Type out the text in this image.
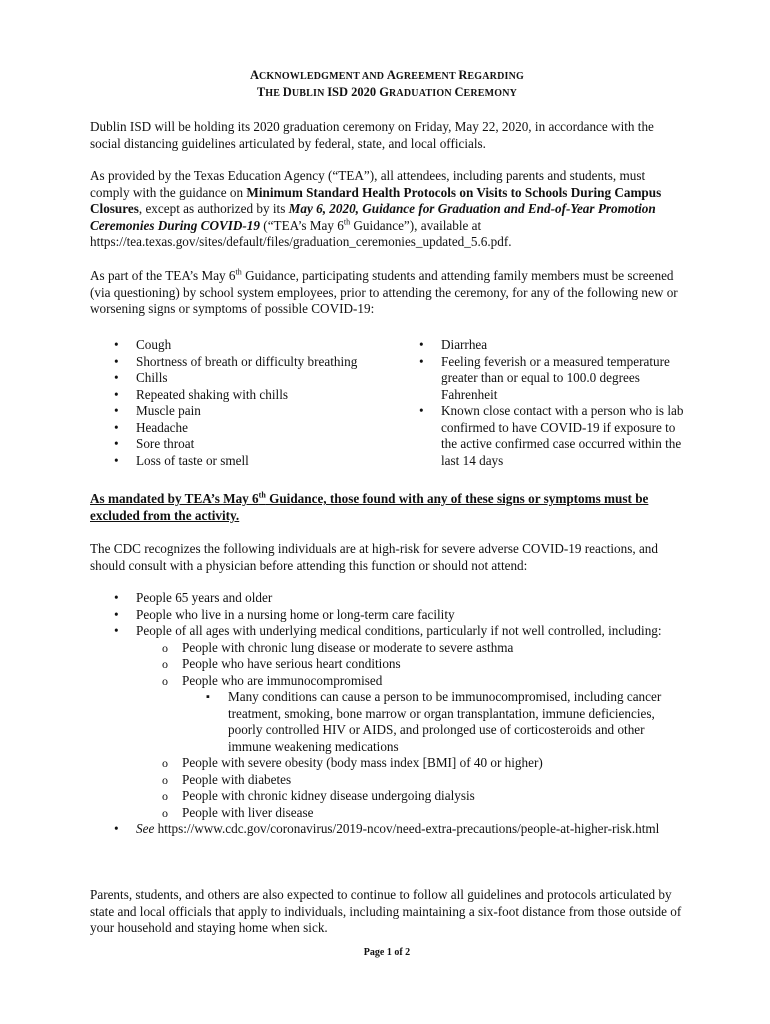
ACKNOWLEDGMENT AND AGREEMENT REGARDING
THE DUBLIN ISD 2020 GRADUATION CEREMONY

Dublin ISD will be holding its 2020 graduation ceremony on Friday, May 22, 2020, in accordance with the social distancing guidelines articulated by federal, state, and local officials.

As provided by the Texas Education Agency (“TEA”), all attendees, including parents and students, must comply with the guidance on Minimum Standard Health Protocols on Visits to Schools During Campus Closures, except as authorized by its May 6, 2020, Guidance for Graduation and End-of-Year Promotion Ceremonies During COVID-19 (“TEA’s May 6th Guidance”), available at https://tea.texas.gov/sites/default/files/graduation_ceremonies_updated_5.6.pdf.

As part of the TEA’s May 6th Guidance, participating students and attending family members must be screened (via questioning) by school system employees, prior to attending the ceremony, for any of the following new or worsening signs or symptoms of possible COVID-19:

• Cough
• Shortness of breath or difficulty breathing
• Chills
• Repeated shaking with chills
• Muscle pain
• Headache
• Sore throat
• Loss of taste or smell
• Diarrhea
• Feeling feverish or a measured temperature greater than or equal to 100.0 degrees Fahrenheit
• Known close contact with a person who is lab confirmed to have COVID-19 if exposure to the active confirmed case occurred within the last 14 days

As mandated by TEA’s May 6th Guidance, those found with any of these signs or symptoms must be excluded from the activity.

The CDC recognizes the following individuals are at high-risk for severe adverse COVID-19 reactions, and should consult with a physician before attending this function or should not attend:

• People 65 years and older
• People who live in a nursing home or long-term care facility
• People of all ages with underlying medical conditions, particularly if not well controlled, including:
o People with chronic lung disease or moderate to severe asthma
o People who have serious heart conditions
o People who are immunocompromised
▪ Many conditions can cause a person to be immunocompromised, including cancer treatment, smoking, bone marrow or organ transplantation, immune deficiencies, poorly controlled HIV or AIDS, and prolonged use of corticosteroids and other immune weakening medications
o People with severe obesity (body mass index [BMI] of 40 or higher)
o People with diabetes
o People with chronic kidney disease undergoing dialysis
o People with liver disease
• See https://www.cdc.gov/coronavirus/2019-ncov/need-extra-precautions/people-at-higher-risk.html

Parents, students, and others are also expected to continue to follow all guidelines and protocols articulated by state and local officials that apply to individuals, including maintaining a six-foot distance from those outside of your household and staying home when sick.

Page 1 of 2
